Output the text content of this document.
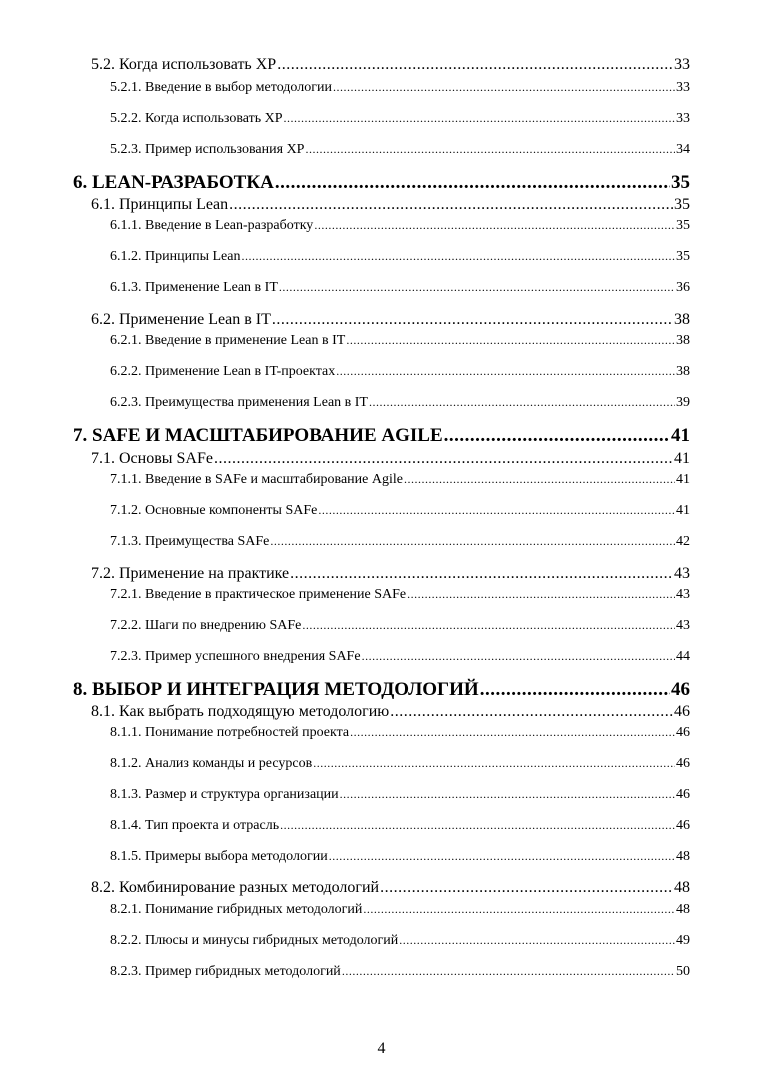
5.2. Когда использовать XP .....	33
5.2.1. Введение в выбор методологии .....	33
5.2.2. Когда использовать XP .....	33
5.2.3. Пример использования XP .....	34
6. LEAN-РАЗРАБОТКА .....	35
6.1. Принципы Lean .....	35
6.1.1. Введение в Lean-разработку .....	35
6.1.2. Принципы Lean .....	35
6.1.3. Применение Lean в IT .....	36
6.2. Применение Lean в IT .....	38
6.2.1. Введение в применение Lean в IT .....	38
6.2.2. Применение Lean в IT-проектах .....	38
6.2.3. Преимущества применения Lean в IT .....	39
7. SAFE И МАСШТАБИРОВАНИЕ AGILE .....	41
7.1. Основы SAFe .....	41
7.1.1. Введение в SAFe и масштабирование Agile .....	41
7.1.2. Основные компоненты SAFe .....	41
7.1.3. Преимущества SAFe .....	42
7.2. Применение на практике .....	43
7.2.1. Введение в практическое применение SAFe .....	43
7.2.2. Шаги по внедрению SAFe .....	43
7.2.3. Пример успешного внедрения SAFe .....	44
8. ВЫБОР И ИНТЕГРАЦИЯ МЕТОДОЛОГИЙ .....	46
8.1. Как выбрать подходящую методологию .....	46
8.1.1. Понимание потребностей проекта .....	46
8.1.2. Анализ команды и ресурсов .....	46
8.1.3. Размер и структура организации .....	46
8.1.4. Тип проекта и отрасль .....	46
8.1.5. Примеры выбора методологии .....	48
8.2. Комбинирование разных методологий .....	48
8.2.1. Понимание гибридных методологий .....	48
8.2.2. Плюсы и минусы гибридных методологий .....	49
8.2.3. Пример гибридных методологий .....	50
4
